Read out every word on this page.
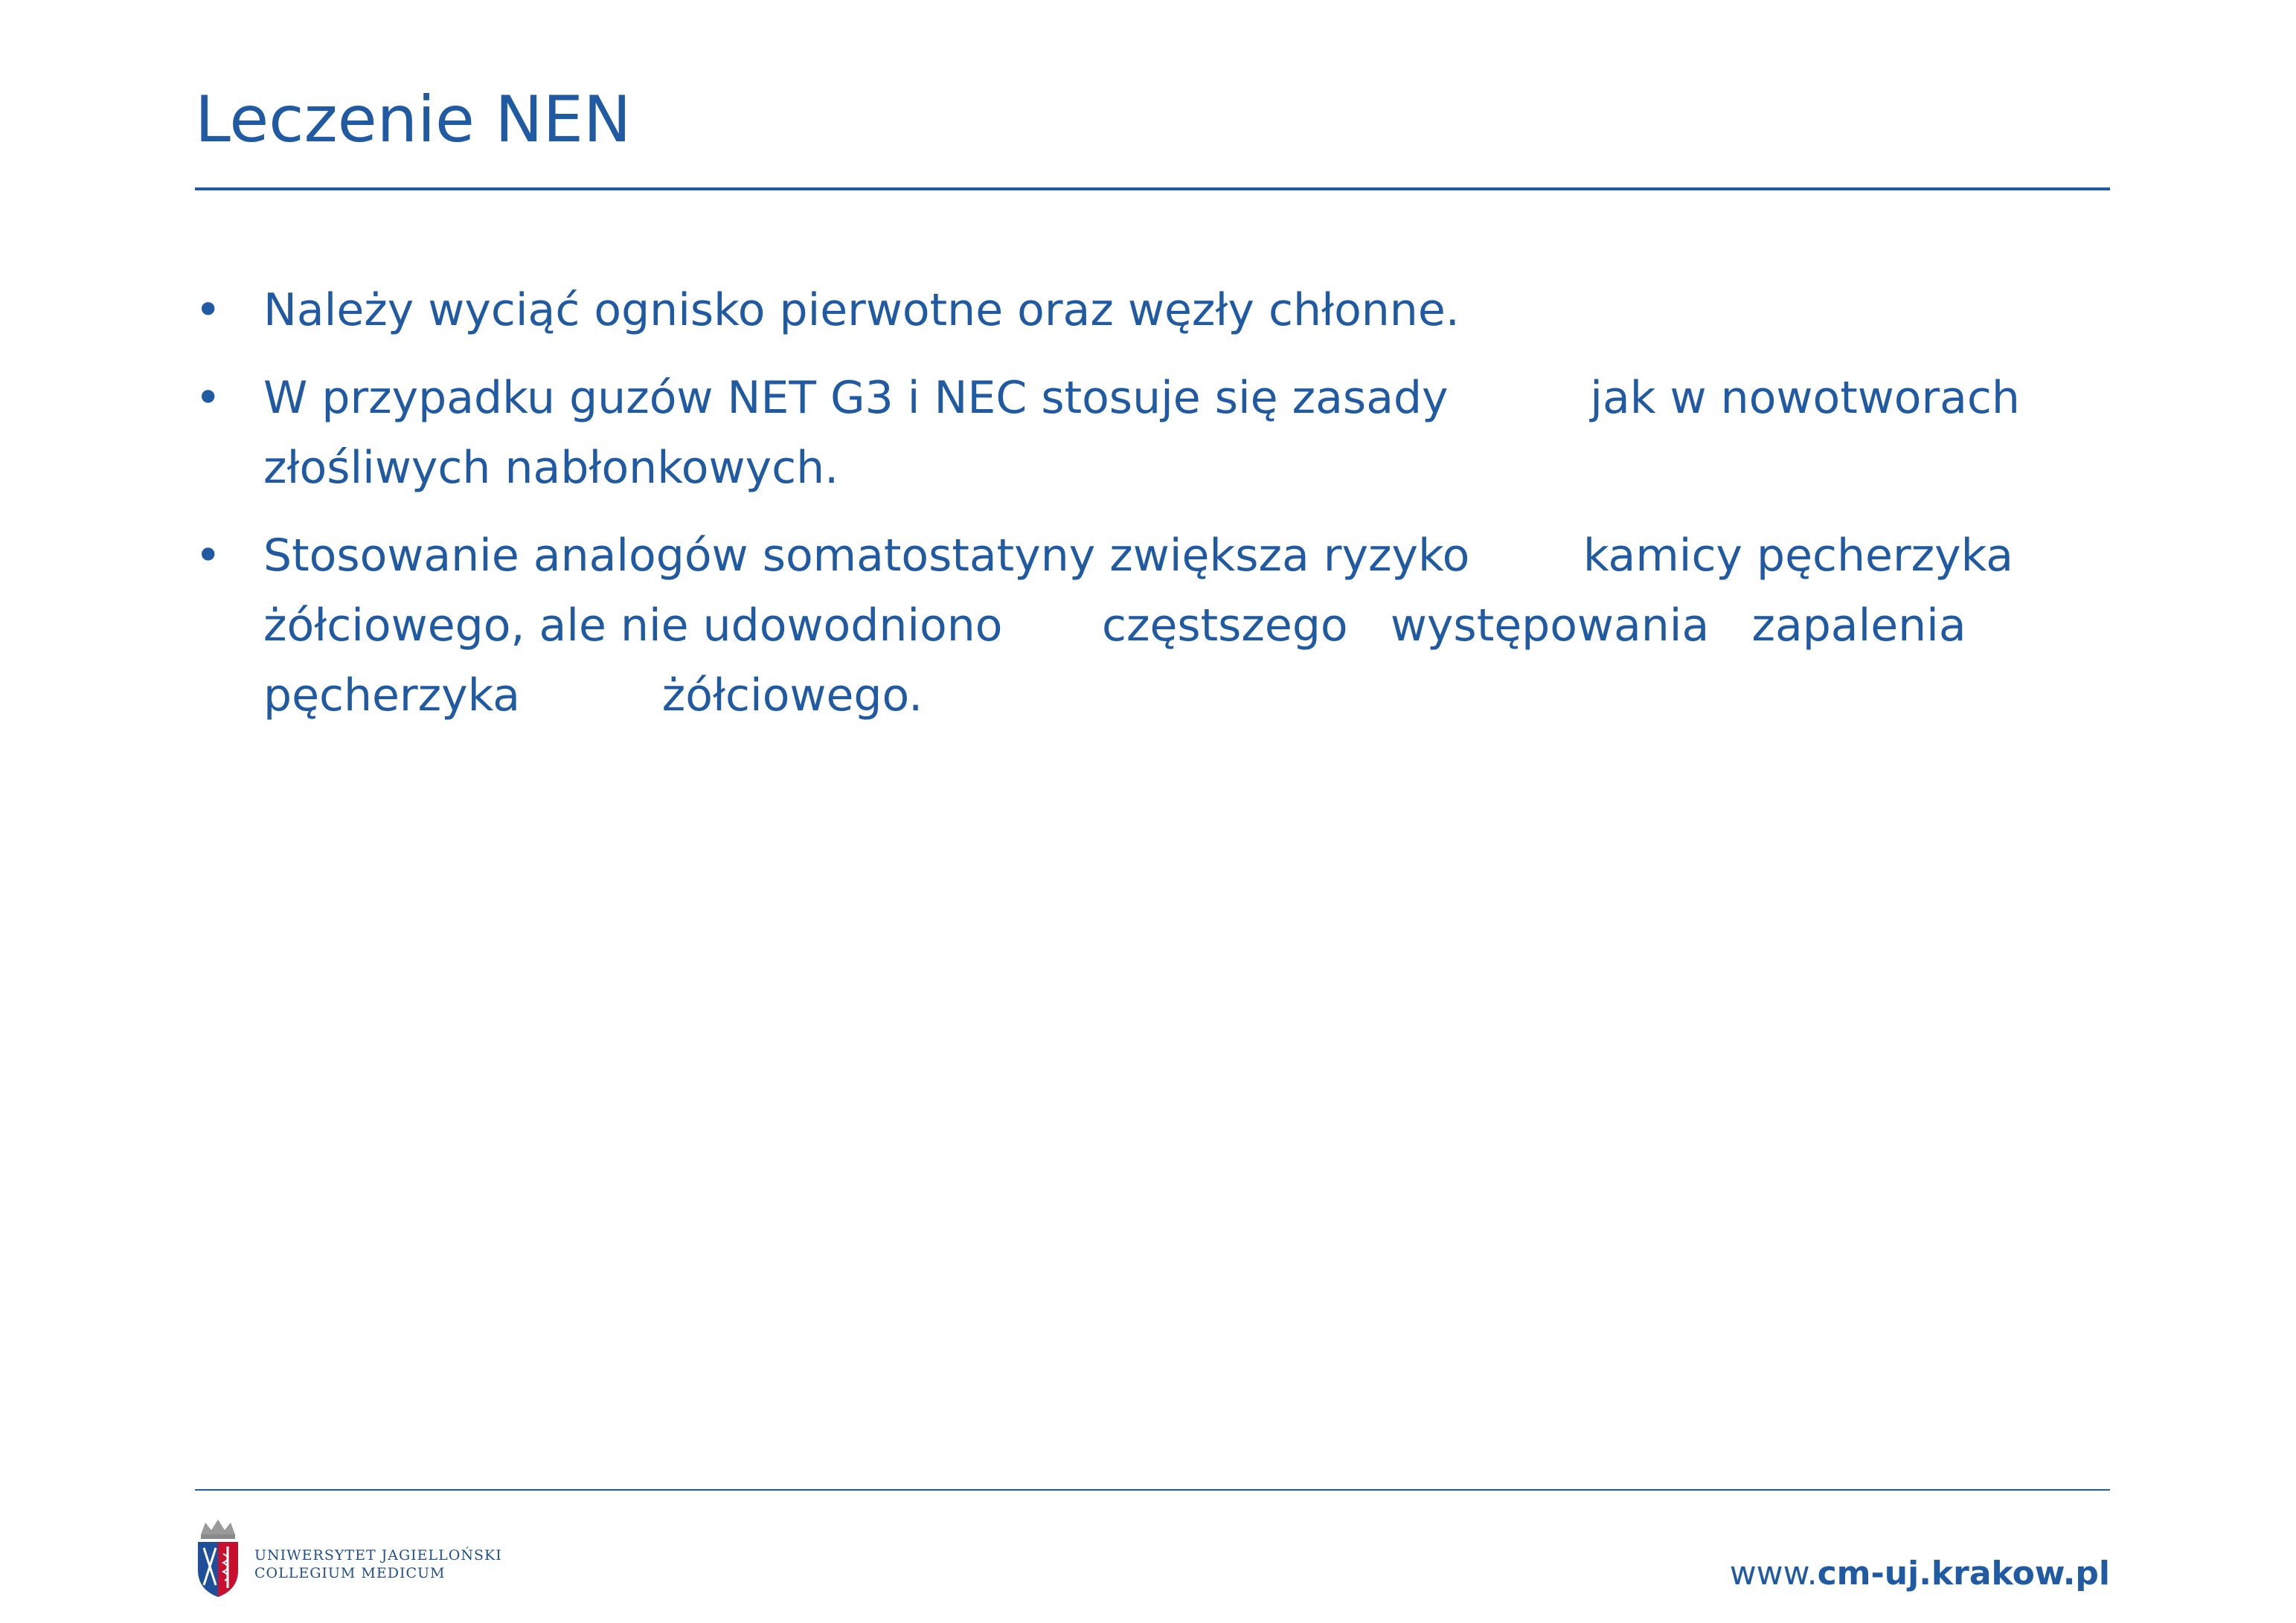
Leczenie NEN
• Należy wyciąć ognisko pierwotne oraz węzły chłonne.
• W przypadku guzów NET G3 i NEC stosuje się zasady          jak w nowotworach
złośliwych nabłonkowych.
• Stosowanie analogów somatostatyny zwiększa ryzyko        kamicy pęcherzyka
żółciowego, ale nie udowodniono       częstszego   występowania   zapalenia
pęcherzyka          żółciowego.
UNIWERSYTET JAGIELLOŃSKI
COLLEGIUM MEDICUM	www.cm-uj.krakow.pl
